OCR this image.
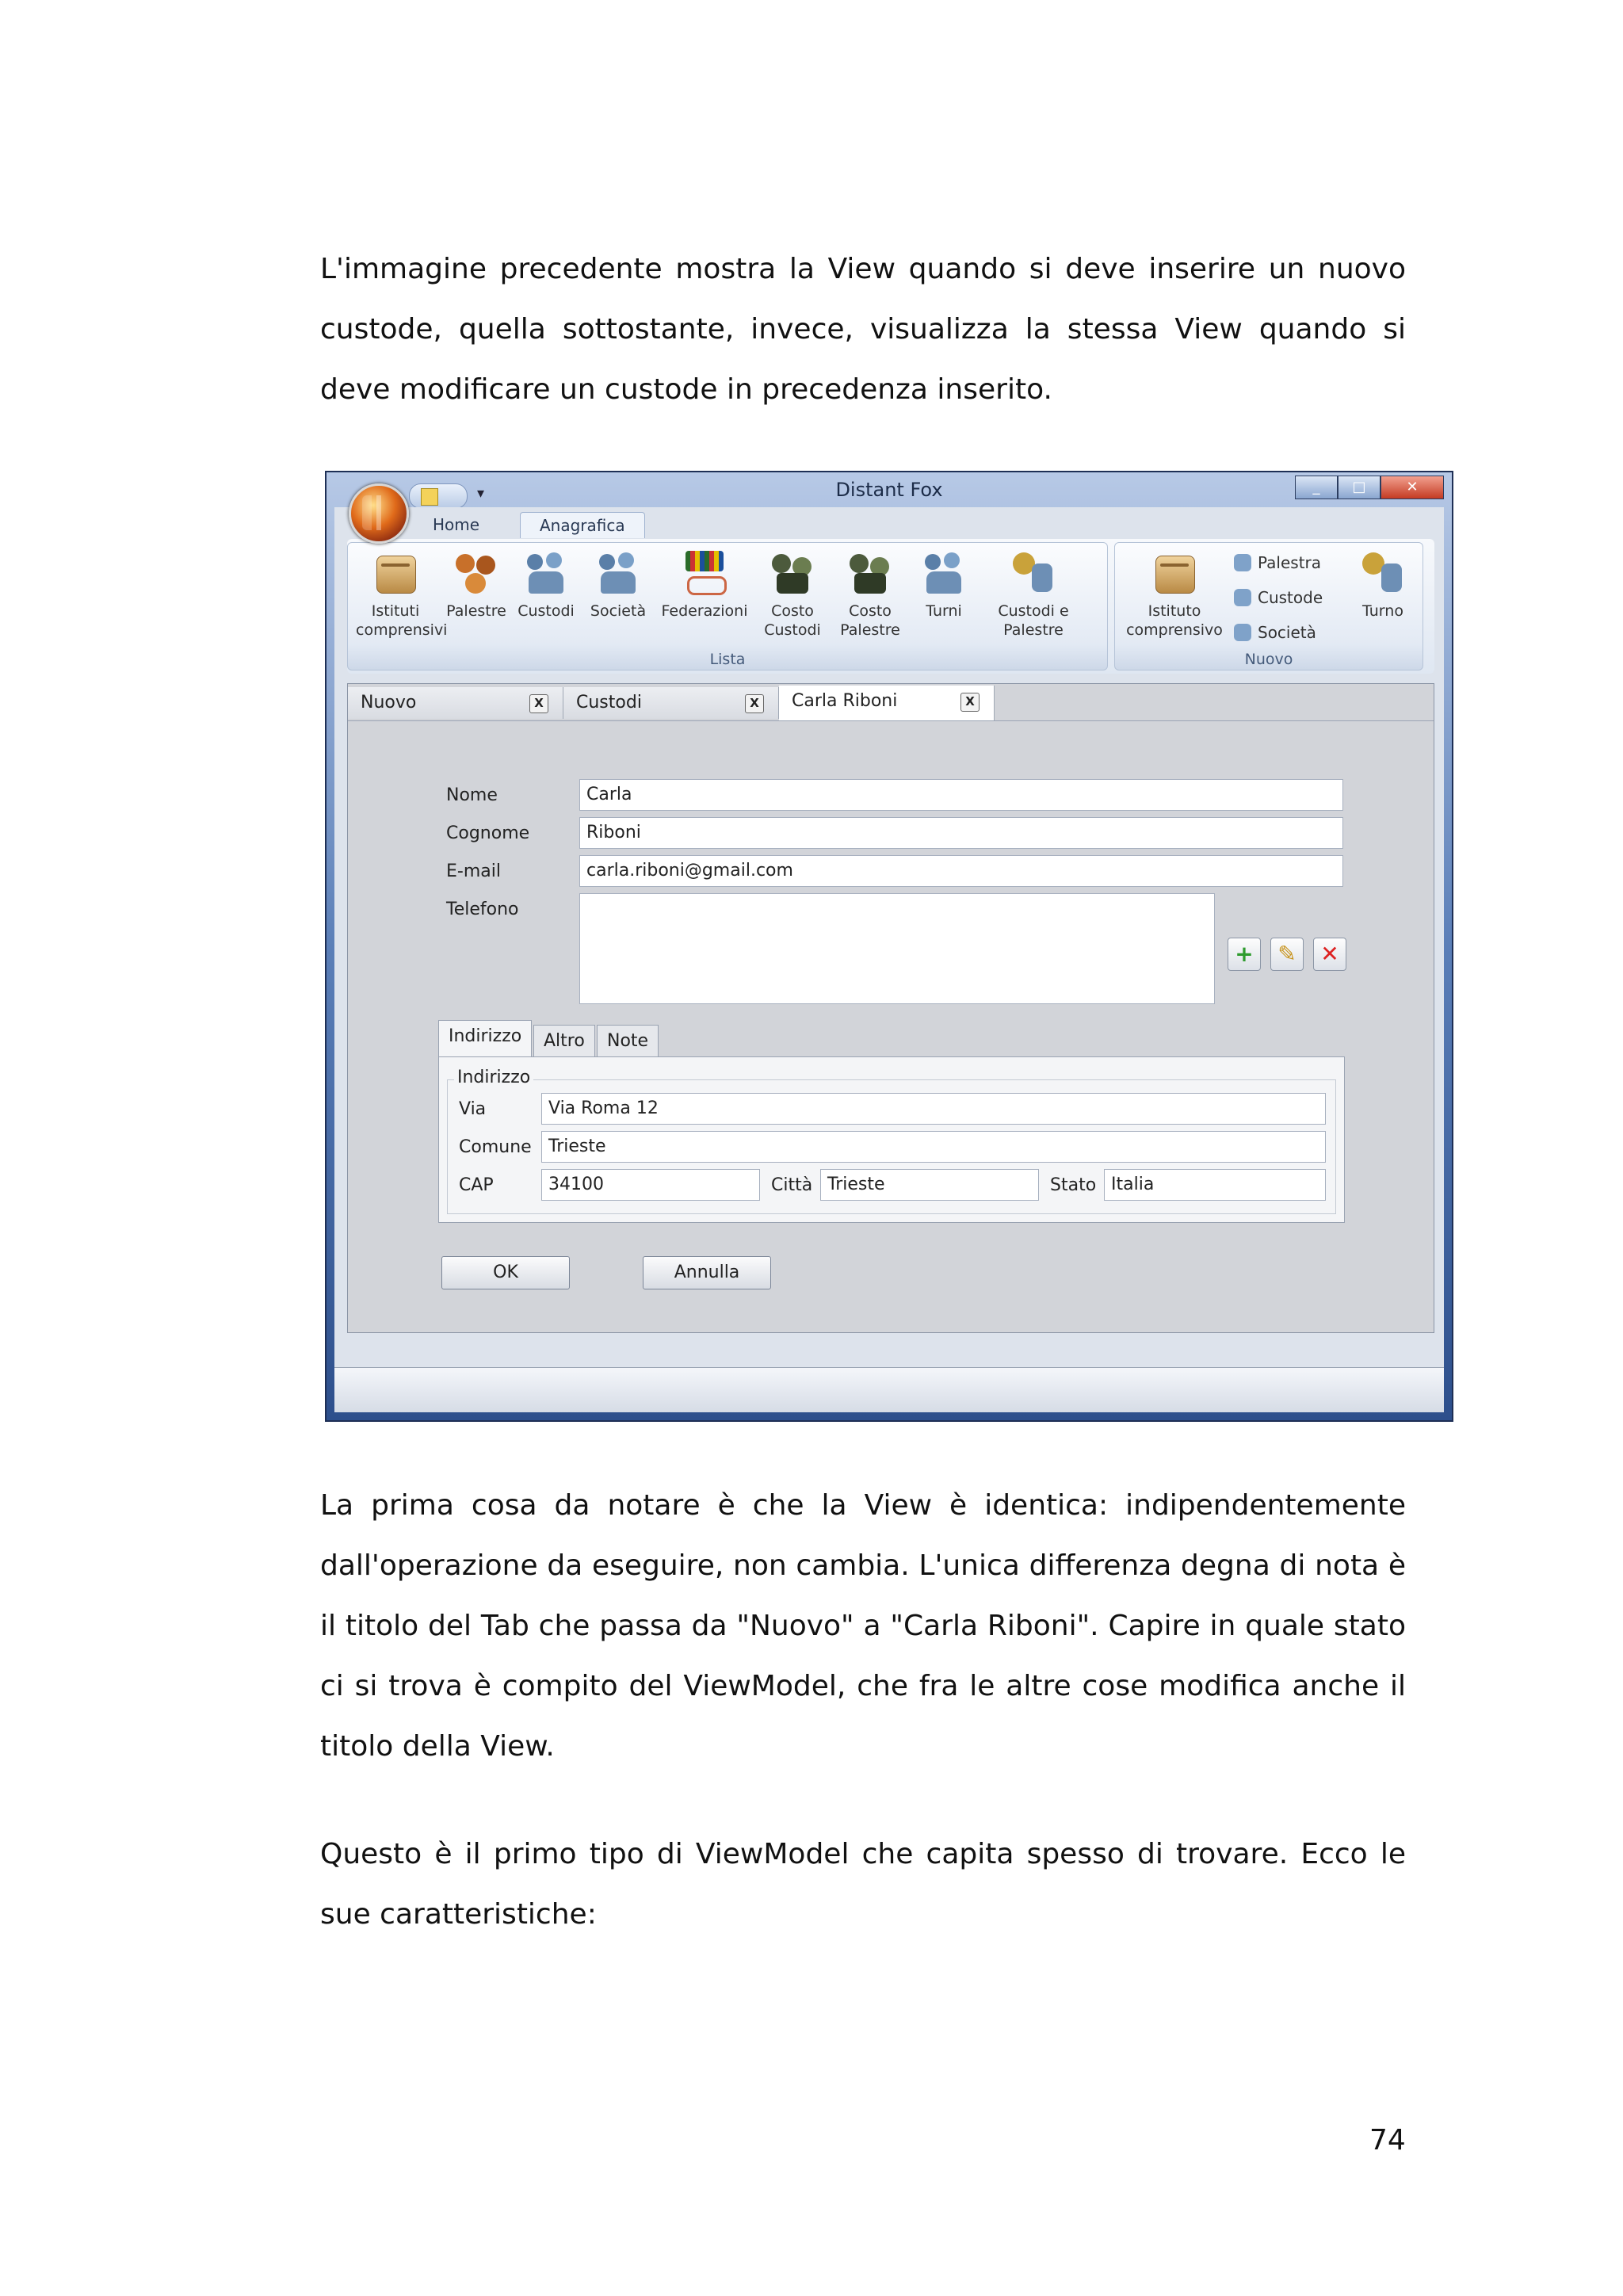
L'immagine precedente mostra la View quando si deve inserire un nuovo custode, quella sottostante, invece, visualizza la stessa View quando si deve modificare un custode in precedenza inserito.

Distant Fox
▾	_	□	✕
Home	Anagrafica
Istituti
comprensivi
Palestre Custodi	Società	Federazioni	Costo
Custodi
Costo
Palestre
Turni	Custodi e
Palestre
Lista
Istituto
comprensivo
Palestra
Custode
Società
Turno
Nuovo
Nuovo	X	Custodi	X	Carla Riboni	X
Nome	Carla
Cognome	Riboni
E-mail	carla.riboni@gmail.com
Telefono
+	✎	✕
Indirizzo	Altro	Note
Indirizzo
Via	Via Roma 12
Comune Trieste
CAP	34100	Città Trieste	Stato Italia
OK	Annulla

La prima cosa da notare è che la View è identica: indipendentemente dall'operazione da eseguire, non cambia. L'unica differenza degna di nota è il titolo del Tab che passa da "Nuovo" a "Carla Riboni". Capire in quale stato ci si trova è compito del ViewModel, che fra le altre cose modifica anche il titolo della View.

Questo è il primo tipo di ViewModel che capita spesso di trovare. Ecco le sue caratteristiche:

74
